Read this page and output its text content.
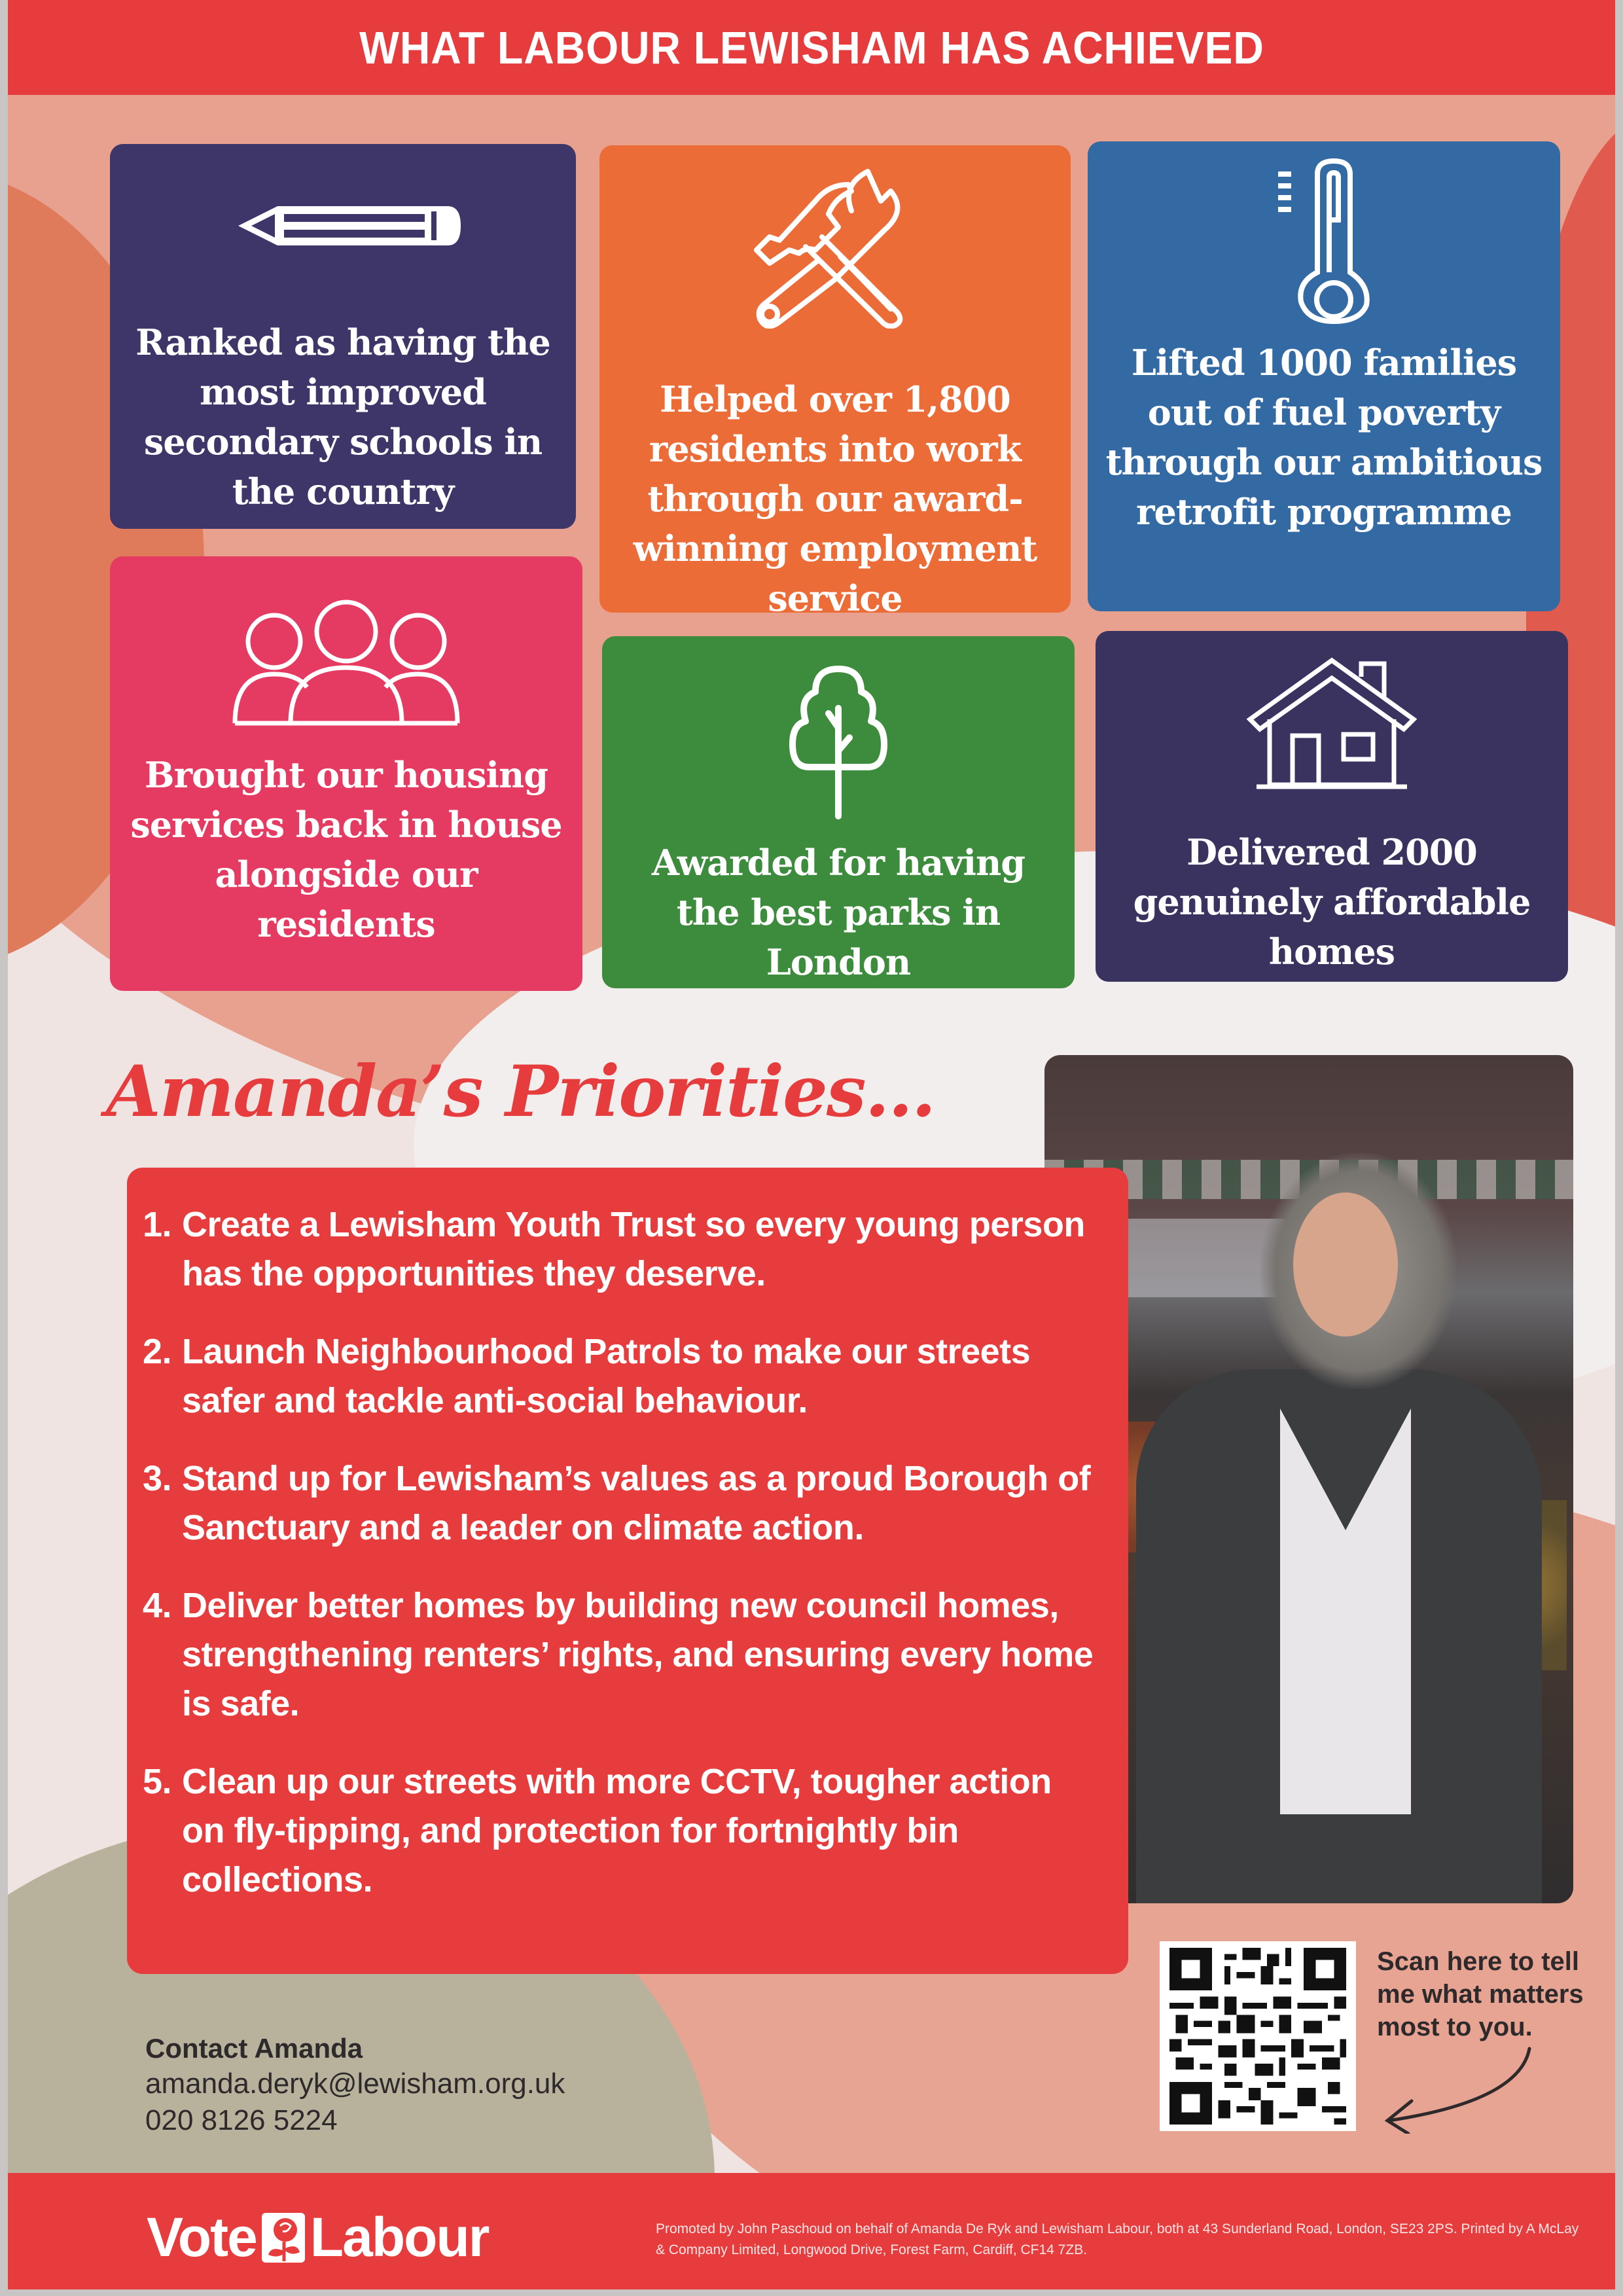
WHAT LABOUR LEWISHAM HAS ACHIEVED
Ranked as having the most improved secondary schools in the country
Helped over 1,800 residents into work through our award-winning employment service
Lifted 1000 families out of fuel poverty through our ambitious retrofit programme
Brought our housing services back in house alongside our residents
Awarded for having the best parks in London
Delivered 2000 genuinely affordable homes
Amanda’s Priorities...
1. Create a Lewisham Youth Trust so every young person has the opportunities they deserve.
2. Launch Neighbourhood Patrols to make our streets safer and tackle anti-social behaviour.
3. Stand up for Lewisham’s values as a proud Borough of Sanctuary and a leader on climate action.
4. Deliver better homes by building new council homes, strengthening renters’ rights, and ensuring every home is safe.
5. Clean up our streets with more CCTV, tougher action on fly-tipping, and protection for fortnightly bin collections.
Contact Amanda
amanda.deryk@lewisham.org.uk
020 8126 5224
Scan here to tell me what matters most to you.
Vote Labour	Promoted by John Paschoud on behalf of Amanda De Ryk and Lewisham Labour, both at 43 Sunderland Road, London, SE23 2PS. Printed by A McLay & Company Limited, Longwood Drive, Forest Farm, Cardiff, CF14 7ZB.
